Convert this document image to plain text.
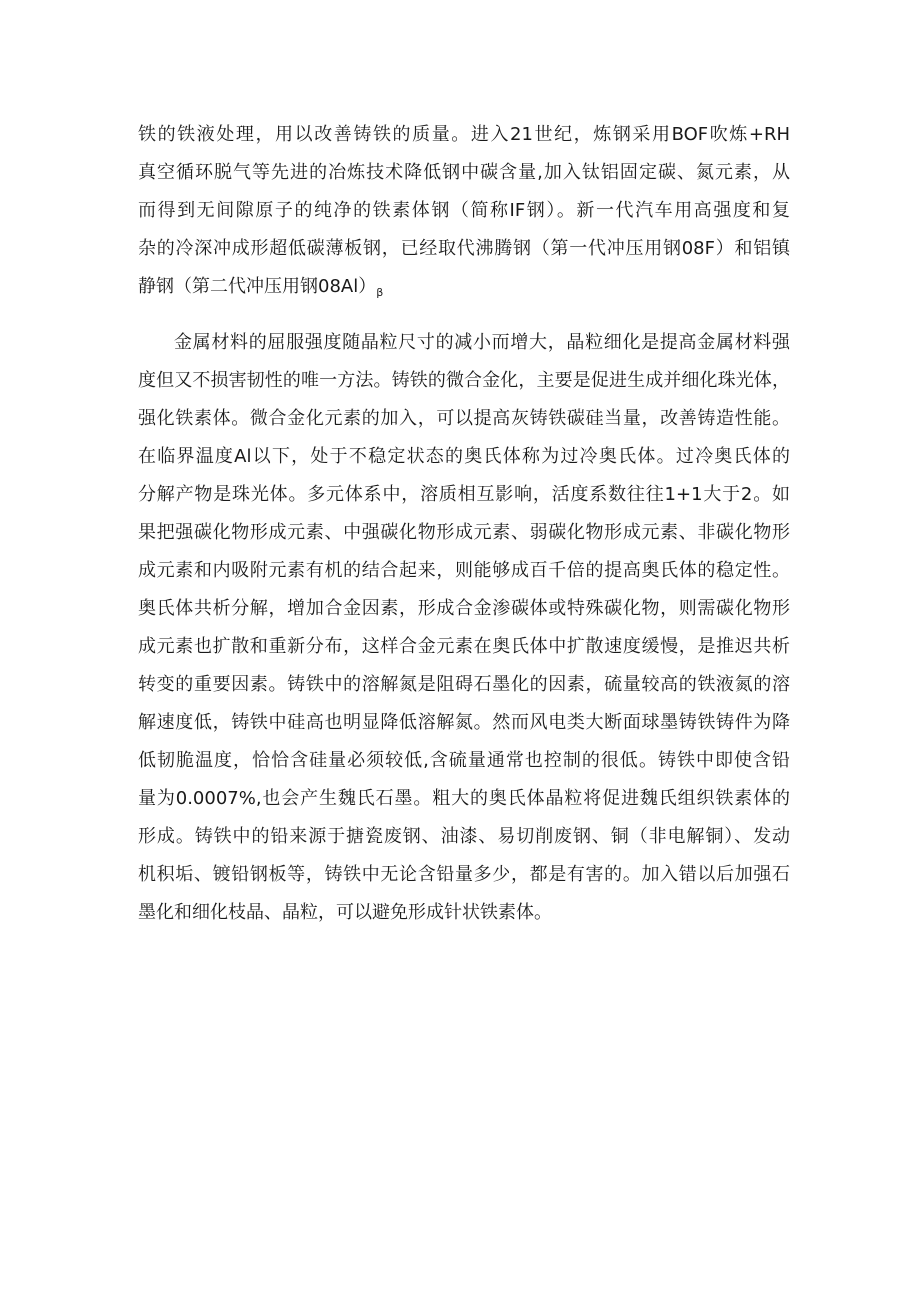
铁的铁液处理，用以改善铸铁的质量。进入21世纪，炼钢采用BOF吹炼+RH
真空循环脱气等先进的冶炼技术降低钢中碳含量,加入钛铝固定碳、氮元素，从
而得到无间隙原子的纯净的铁素体钢（简称IF钢）。新一代汽车用高强度和复
杂的冷深冲成形超低碳薄板钢，已经取代沸腾钢（第一代冲压用钢08F）和铝镇
静钢（第二代冲压用钢$08Al)_\beta$
金属材料的屈服强度随晶粒尺寸的减小而增大，晶粒细化是提高金属材料强
度但又不损害韧性的唯一方法。铸铁的微合金化，主要是促进生成并细化珠光体，
强化铁素体。微合金化元素的加入，可以提高灰铸铁碳硅当量，改善铸造性能。
在临界温度Al以下，处于不稳定状态的奥氏体称为过冷奥氏体。过冷奥氏体的
分解产物是珠光体。多元体系中，溶质相互影响，活度系数往往1+1大于2。如
果把强碳化物形成元素、中强碳化物形成元素、弱碳化物形成元素、非碳化物形
成元素和内吸附元素有机的结合起来，则能够成百千倍的提高奥氏体的稳定性。
奥氏体共析分解，增加合金因素，形成合金渗碳体或特殊碳化物，则需碳化物形
成元素也扩散和重新分布，这样合金元素在奥氏体中扩散速度缓慢，是推迟共析
转变的重要因素。铸铁中的溶解氮是阻碍石墨化的因素，硫量较高的铁液氮的溶
解速度低，铸铁中硅高也明显降低溶解氮。然而风电类大断面球墨铸铁铸件为降
低韧脆温度，恰恰含硅量必须较低,含硫量通常也控制的很低。铸铁中即使含铅
量为0.0007%,也会产生魏氏石墨。粗大的奥氏体晶粒将促进魏氏组织铁素体的
形成。铸铁中的铅来源于搪瓷废钢、油漆、易切削废钢、铜（非电解铜）、发动
机积垢、镀铅钢板等，铸铁中无论含铅量多少，都是有害的。加入错以后加强石
墨化和细化枝晶、晶粒，可以避免形成针状铁素体。
